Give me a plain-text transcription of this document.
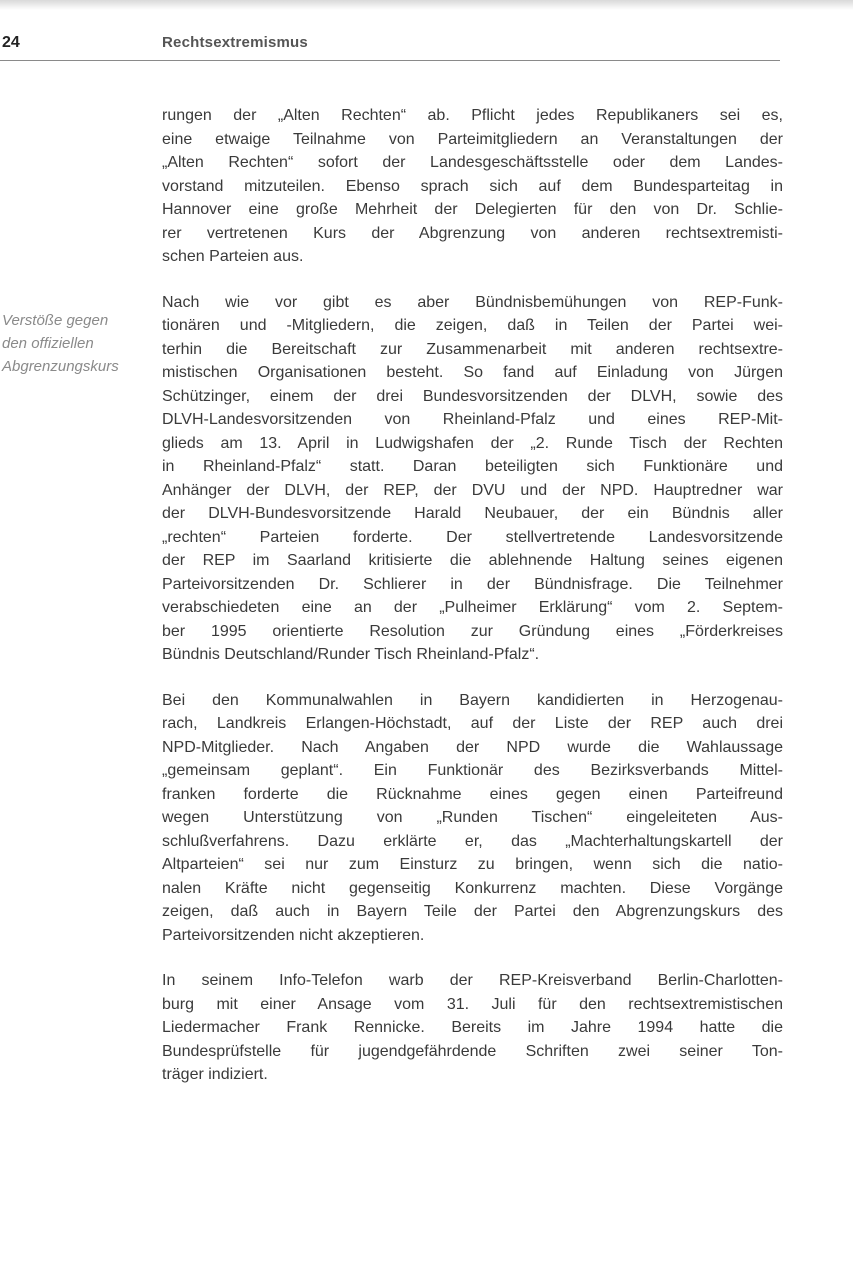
24	Rechtsextremismus
Verstöße gegen
den offiziellen
Abgrenzungskurs

rungen der „Alten Rechten“ ab. Pflicht jedes Republikaners sei es,
eine etwaige Teilnahme von Parteimitgliedern an Veranstaltungen der
„Alten Rechten“ sofort der Landesgeschäftsstelle oder dem Landes-
vorstand mitzuteilen. Ebenso sprach sich auf dem Bundesparteitag in
Hannover eine große Mehrheit der Delegierten für den von Dr. Schlie-
rer vertretenen Kurs der Abgrenzung von anderen rechtsextremisti-
schen Parteien aus.

Nach wie vor gibt es aber Bündnisbemühungen von REP-Funk-
tionären und -Mitgliedern, die zeigen, daß in Teilen der Partei wei-
terhin die Bereitschaft zur Zusammenarbeit mit anderen rechtsextre-
mistischen Organisationen besteht. So fand auf Einladung von Jürgen
Schützinger, einem der drei Bundesvorsitzenden der DLVH, sowie des
DLVH-Landesvorsitzenden von Rheinland-Pfalz und eines REP-Mit-
glieds am 13. April in Ludwigshafen der „2. Runde Tisch der Rechten
in Rheinland-Pfalz“ statt. Daran beteiligten sich Funktionäre und
Anhänger der DLVH, der REP, der DVU und der NPD. Hauptredner war
der DLVH-Bundesvorsitzende Harald Neubauer, der ein Bündnis aller
„rechten“ Parteien forderte. Der stellvertretende Landesvorsitzende
der REP im Saarland kritisierte die ablehnende Haltung seines eigenen
Parteivorsitzenden Dr. Schlierer in der Bündnisfrage. Die Teilnehmer
verabschiedeten eine an der „Pulheimer Erklärung“ vom 2. Septem-
ber 1995 orientierte Resolution zur Gründung eines „Förderkreises
Bündnis Deutschland/Runder Tisch Rheinland-Pfalz“.

Bei den Kommunalwahlen in Bayern kandidierten in Herzogenau-
rach, Landkreis Erlangen-Höchstadt, auf der Liste der REP auch drei
NPD-Mitglieder. Nach Angaben der NPD wurde die Wahlaussage
„gemeinsam geplant“. Ein Funktionär des Bezirksverbands Mittel-
franken forderte die Rücknahme eines gegen einen Parteifreund
wegen Unterstützung von „Runden Tischen“ eingeleiteten Aus-
schlußverfahrens. Dazu erklärte er, das „Machterhaltungskartell der
Altparteien“ sei nur zum Einsturz zu bringen, wenn sich die natio-
nalen Kräfte nicht gegenseitig Konkurrenz machten. Diese Vorgänge
zeigen, daß auch in Bayern Teile der Partei den Abgrenzungskurs des
Parteivorsitzenden nicht akzeptieren.

In seinem Info-Telefon warb der REP-Kreisverband Berlin-Charlotten-
burg mit einer Ansage vom 31. Juli für den rechtsextremistischen
Liedermacher Frank Rennicke. Bereits im Jahre 1994 hatte die
Bundesprüfstelle für jugendgefährdende Schriften zwei seiner Ton-
träger indiziert.
